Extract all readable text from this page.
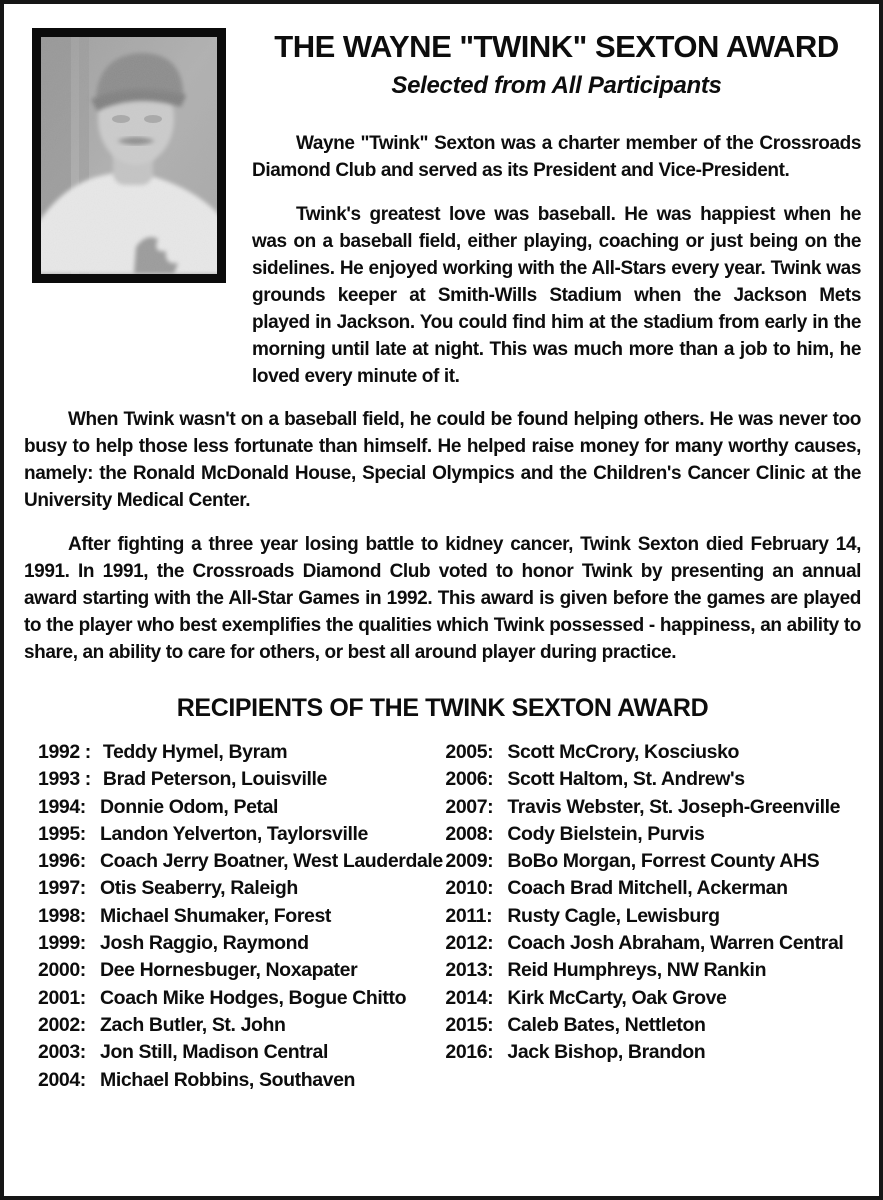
THE WAYNE "TWINK" SEXTON AWARD
Selected from All Participants

Wayne "Twink" Sexton was a charter member of the Crossroads Diamond Club and served as its President and Vice-President.

Twink's greatest love was baseball. He was happiest when he was on a baseball field, either playing, coaching or just being on the sidelines. He enjoyed working with the All-Stars every year. Twink was grounds keeper at Smith-Wills Stadium when the Jackson Mets played in Jackson. You could find him at the stadium from early in the morning until late at night. This was much more than a job to him, he loved every minute of it.

When Twink wasn't on a baseball field, he could be found helping others. He was never too busy to help those less fortunate than himself. He helped raise money for many worthy causes, namely: the Ronald McDonald House, Special Olympics and the Children's Cancer Clinic at the University Medical Center.

After fighting a three year losing battle to kidney cancer, Twink Sexton died February 14, 1991. In 1991, the Crossroads Diamond Club voted to honor Twink by presenting an annual award starting with the All-Star Games in 1992. This award is given before the games are played to the player who best exemplifies the qualities which Twink possessed - happiness, an ability to share, an ability to care for others, or best all around player during practice.

RECIPIENTS OF THE TWINK SEXTON AWARD
1992 : Teddy Hymel, Byram
1993 : Brad Peterson, Louisville
1994: Donnie Odom, Petal
1995: Landon Yelverton, Taylorsville
1996: Coach Jerry Boatner, West Lauderdale
1997: Otis Seaberry, Raleigh
1998: Michael Shumaker, Forest
1999: Josh Raggio, Raymond
2000: Dee Hornesbuger, Noxapater
2001: Coach Mike Hodges, Bogue Chitto
2002: Zach Butler, St. John
2003: Jon Still, Madison Central
2004: Michael Robbins, Southaven
2005: Scott McCrory, Kosciusko
2006: Scott Haltom, St. Andrew's
2007: Travis Webster, St. Joseph-Greenville
2008: Cody Bielstein, Purvis
2009: BoBo Morgan, Forrest County AHS
2010: Coach Brad Mitchell, Ackerman
2011: Rusty Cagle, Lewisburg
2012: Coach Josh Abraham, Warren Central
2013: Reid Humphreys, NW Rankin
2014: Kirk McCarty, Oak Grove
2015: Caleb Bates, Nettleton
2016: Jack Bishop, Brandon
